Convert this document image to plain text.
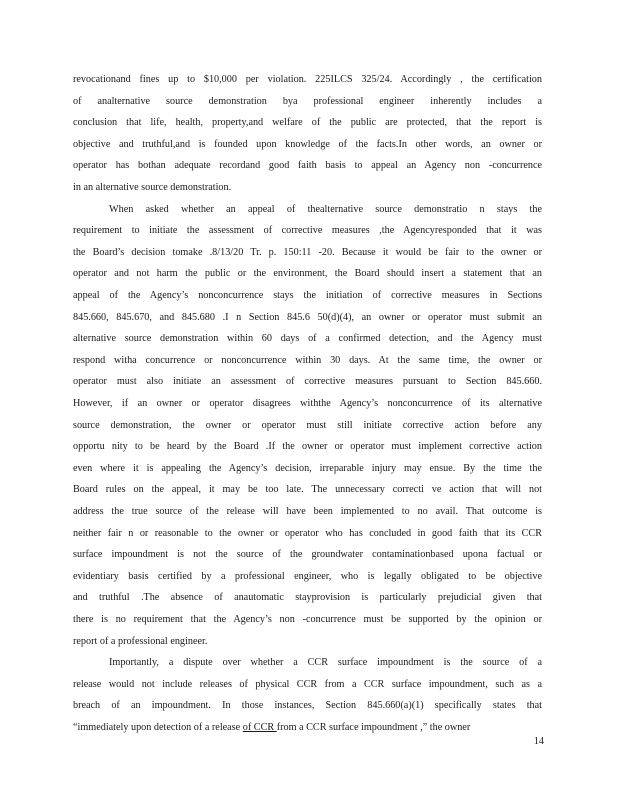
revocationand fines up to $10,000 per violation. 225ILCS 325/24. Accordingly , the certification
of analternative source demonstration bya professional engineer inherently includes a
conclusion that life, health, property,and welfare of the public are protected, that the report is
objective and truthful,and is founded upon knowledge of the facts.In other words, an owner or
operator has bothan adequate recordand good faith basis to appeal an Agency non -concurrence
in an alternative source demonstration.
When asked whether an appeal of thealternative source demonstratio n stays the
requirement to initiate the assessment of corrective measures ,the Agencyresponded that it was
the Board’s decision tomake .8/13/20 Tr. p. 150:11 -20. Because it would be fair to the owner or
operator and not harm the public or the environment, the Board should insert a statement that an
appeal of the Agency’s nonconcurrence stays the initiation of corrective measures in Sections
845.660, 845.670, and 845.680 .I n Section 845.6 50(d)(4), an owner or operator must submit an
alternative source demonstration within 60 days of a confirmed detection, and the Agency must
respond witha concurrence or nonconcurrence within 30 days. At the same time, the owner or
operator must also initiate an assessment of corrective measures pursuant to Section 845.660.
However, if an owner or operator disagrees withthe Agency’s nonconcurrence of its alternative
source demonstration, the owner or operator must still initiate corrective action before any
opportu nity to be heard by the Board .If the owner or operator must implement corrective action
even where it is appealing the Agency’s decision, irreparable injury may ensue. By the time the
Board rules on the appeal, it may be too late. The unnecessary correcti ve action that will not
address the true source of the release will have been implemented to no avail. That outcome is
neither fair n or reasonable to the owner or operator who has concluded in good faith that its CCR
surface impoundment is not the source of the groundwater contaminationbased upona factual or
evidentiary basis certified by a professional engineer, who is legally obligated to be objective
and truthful .The absence of anautomatic stayprovision is particularly prejudicial given that
there is no requirement that the Agency’s non -concurrence must be supported by the opinion or
report of a professional engineer.
Importantly, a dispute over whether a CCR surface impoundment is the source of a
release would not include releases of physical CCR from a CCR surface impoundment, such as a
breach of an impoundment. In those instances, Section 845.660(a)(1) specifically states that
“immediately upon detection of a release of CCR from a CCR surface impoundment ,” the owner
14
